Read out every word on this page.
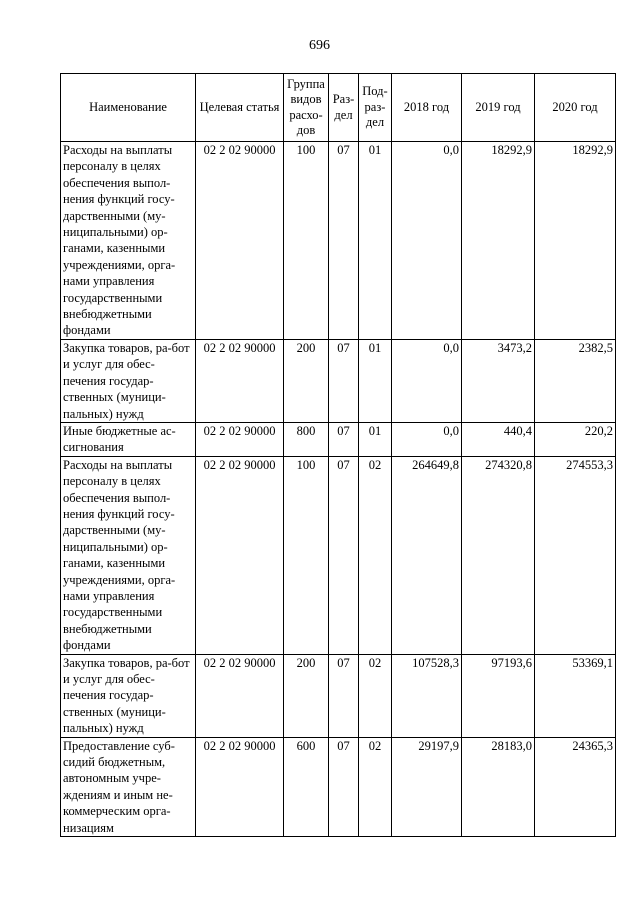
696
Наименование	Целевая статья	Группа видов расхо-дов	Раз-дел	Под-раз-дел	2018 год	2019 год	2020 год
Расходы на выплаты персоналу в целях обеспечения выпол-нения функций госу-дарственными (му-ниципальными) ор-ганами, казенными учреждениями, орга-нами управления государственными внебюджетными фондами	02 2 02 90000	100	07	01	0,0	18292,9	18292,9
Закупка товаров, ра-бот и услуг для обес-печения государ-ственных (муници-пальных) нужд	02 2 02 90000	200	07	01	0,0	3473,2	2382,5
Иные бюджетные ас-сигнования	02 2 02 90000	800	07	01	0,0	440,4	220,2
Расходы на выплаты персоналу в целях обеспечения выпол-нения функций госу-дарственными (му-ниципальными) ор-ганами, казенными учреждениями, орга-нами управления государственными внебюджетными фондами	02 2 02 90000	100	07	02	264649,8	274320,8	274553,3
Закупка товаров, ра-бот и услуг для обес-печения государ-ственных (муници-пальных) нужд	02 2 02 90000	200	07	02	107528,3	97193,6	53369,1
Предоставление суб-сидий бюджетным, автономным учре-ждениям и иным не-коммерческим орга-низациям	02 2 02 90000	600	07	02	29197,9	28183,0	24365,3
